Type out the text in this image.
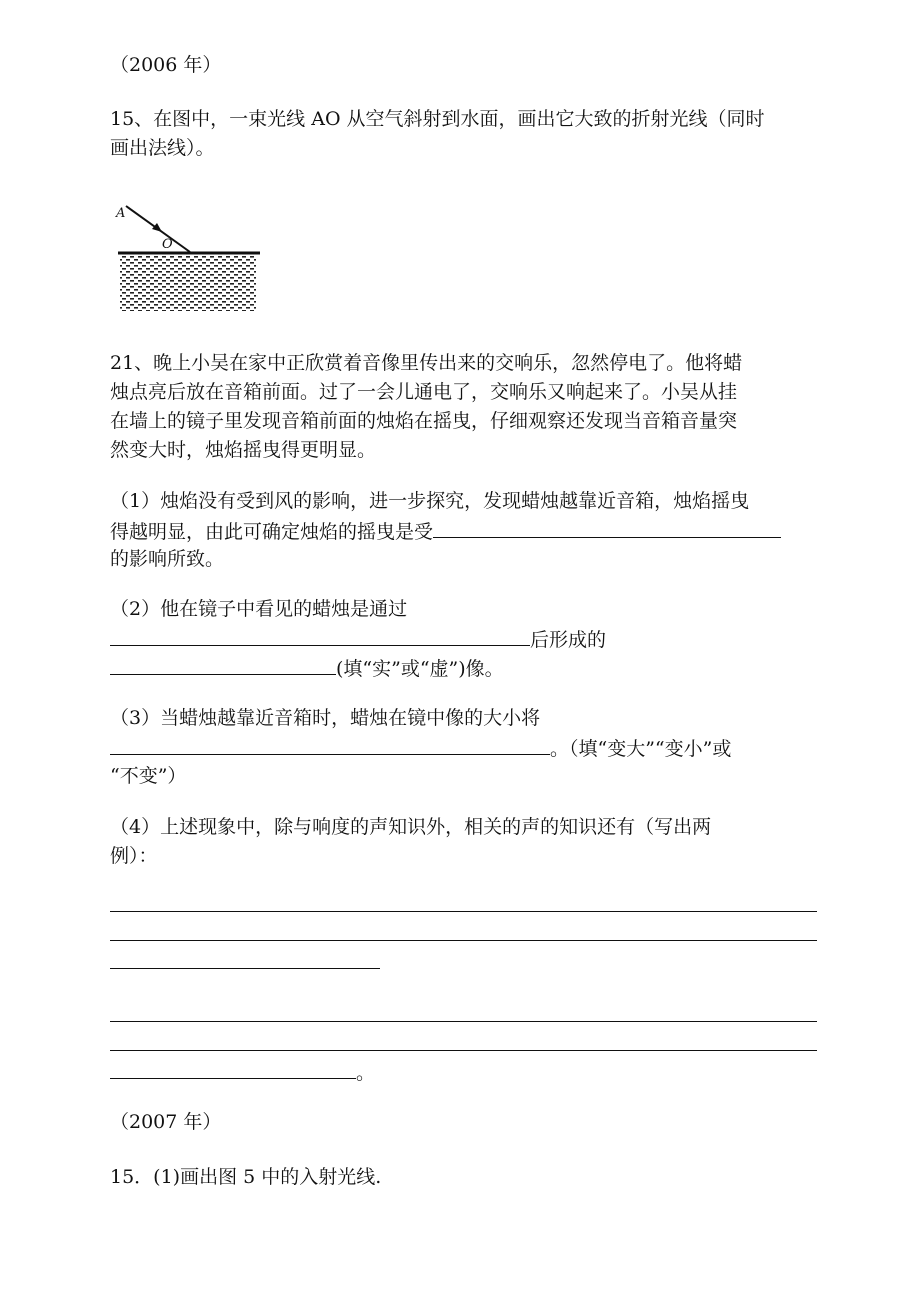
（2006 年）
15、在图中，一束光线 AO 从空气斜射到水面，画出它大致的折射光线（同时
画出法线）。
A
O
21、晚上小吴在家中正欣赏着音像里传出来的交响乐，忽然停电了。他将蜡
烛点亮后放在音箱前面。过了一会儿通电了，交响乐又响起来了。小吴从挂
在墙上的镜子里发现音箱前面的烛焰在摇曳，仔细观察还发现当音箱音量突
然变大时，烛焰摇曳得更明显。
（1）烛焰没有受到风的影响，进一步探究，发现蜡烛越靠近音箱，烛焰摇曳
得越明显，由此可确定烛焰的摇曳是受
的影响所致。
（2）他在镜子中看见的蜡烛是通过
后形成的
(填“实”或“虚”)像。
（3）当蜡烛越靠近音箱时，蜡烛在镜中像的大小将
。（填“变大”“变小”或
“不变”）
（4）上述现象中，除与响度的声知识外，相关的声的知识还有（写出两
例）：
。
（2007 年）
15．(1)画出图 5 中的入射光线.
